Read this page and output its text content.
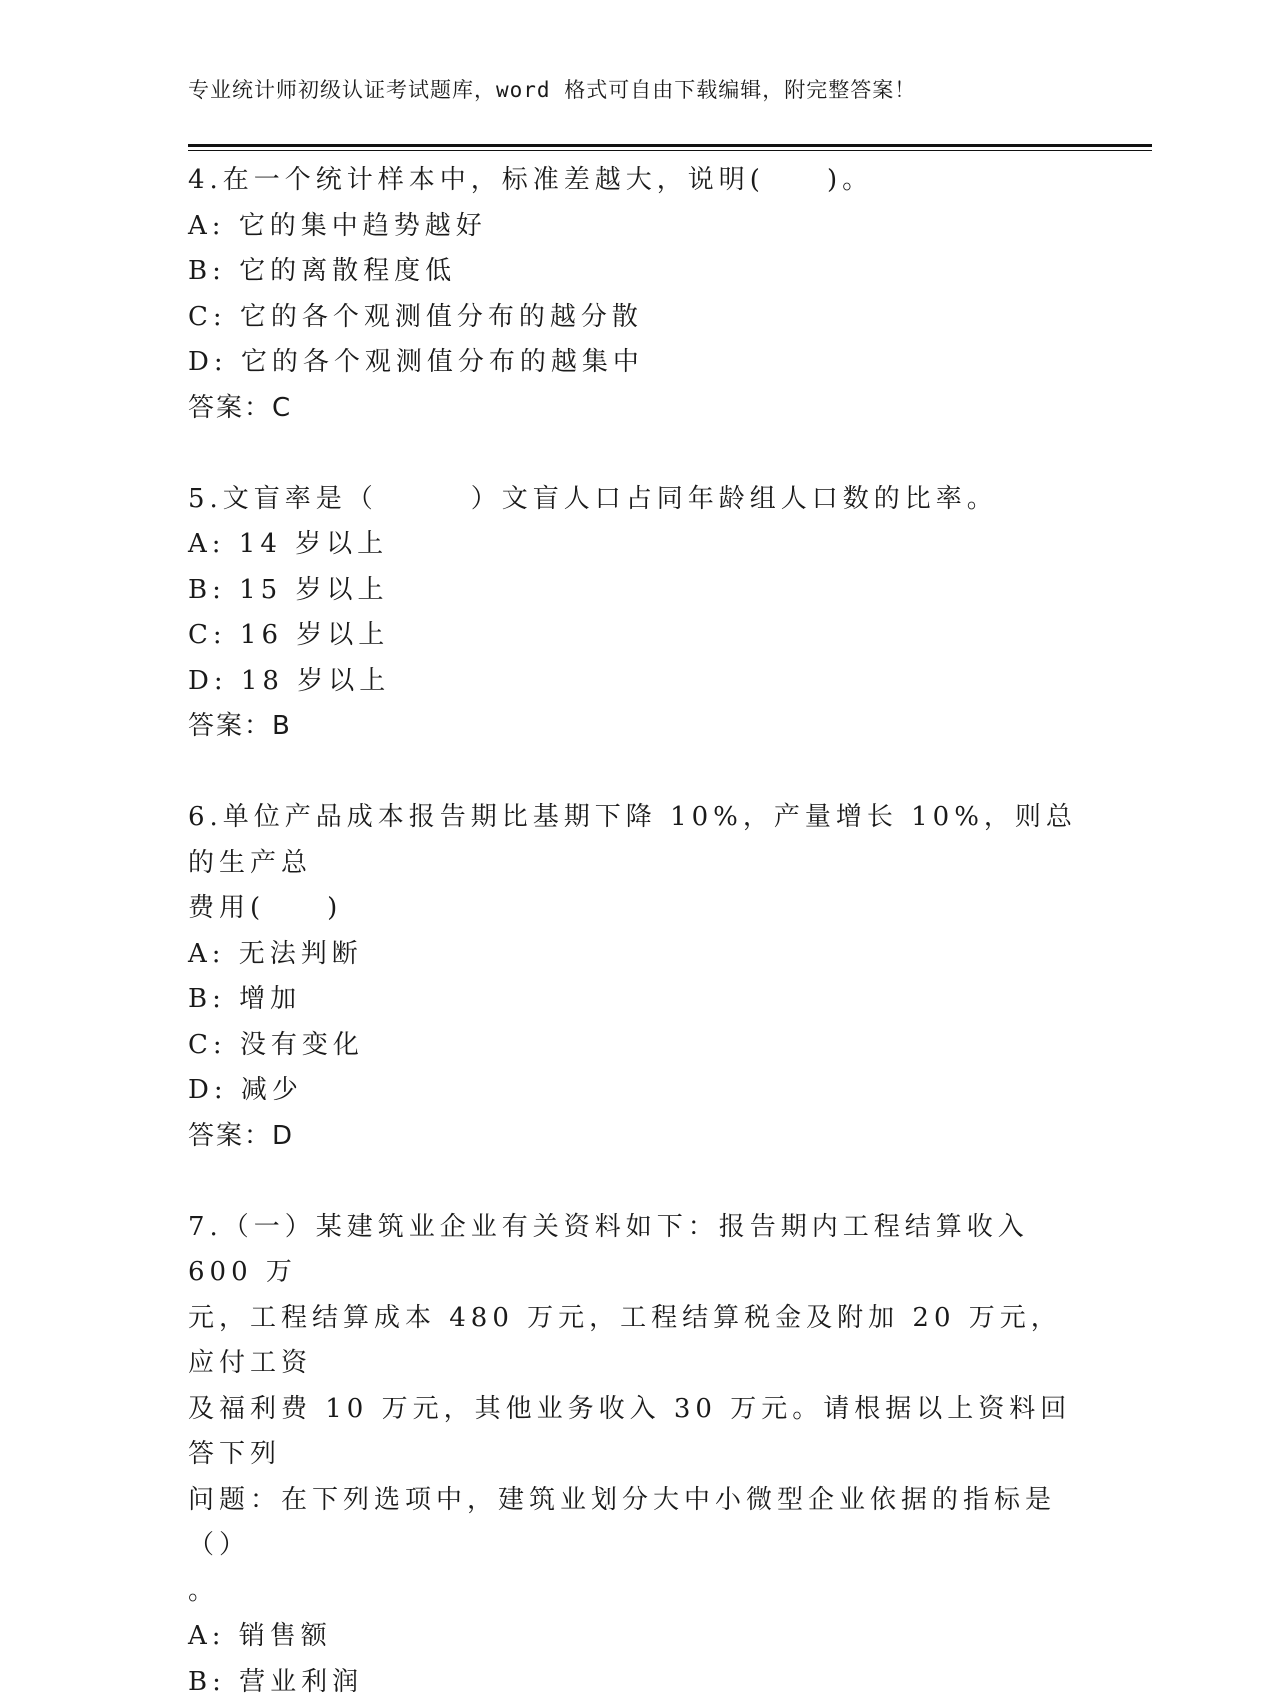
专业统计师初级认证考试题库，word 格式可自由下载编辑，附完整答案！
4.在一个统计样本中，标准差越大，说明(　　)。
A: 它的集中趋势越好
B: 它的离散程度低
C: 它的各个观测值分布的越分散
D: 它的各个观测值分布的越集中
答案：C
5.文盲率是（　　　）文盲人口占同年龄组人口数的比率。
A: 14 岁以上
B: 15 岁以上
C: 16 岁以上
D: 18 岁以上
答案：B
6.单位产品成本报告期比基期下降 10%，产量增长 10%，则总的生产总
费用(　　)
A: 无法判断
B: 增加
C: 没有变化
D: 减少
答案：D
7.（一）某建筑业企业有关资料如下：报告期内工程结算收入 600 万
元，工程结算成本 480 万元，工程结算税金及附加 20 万元，应付工资
及福利费 10 万元，其他业务收入 30 万元。请根据以上资料回答下列
问题：在下列选项中，建筑业划分大中小微型企业依据的指标是（）
。
A: 销售额
B: 营业利润
